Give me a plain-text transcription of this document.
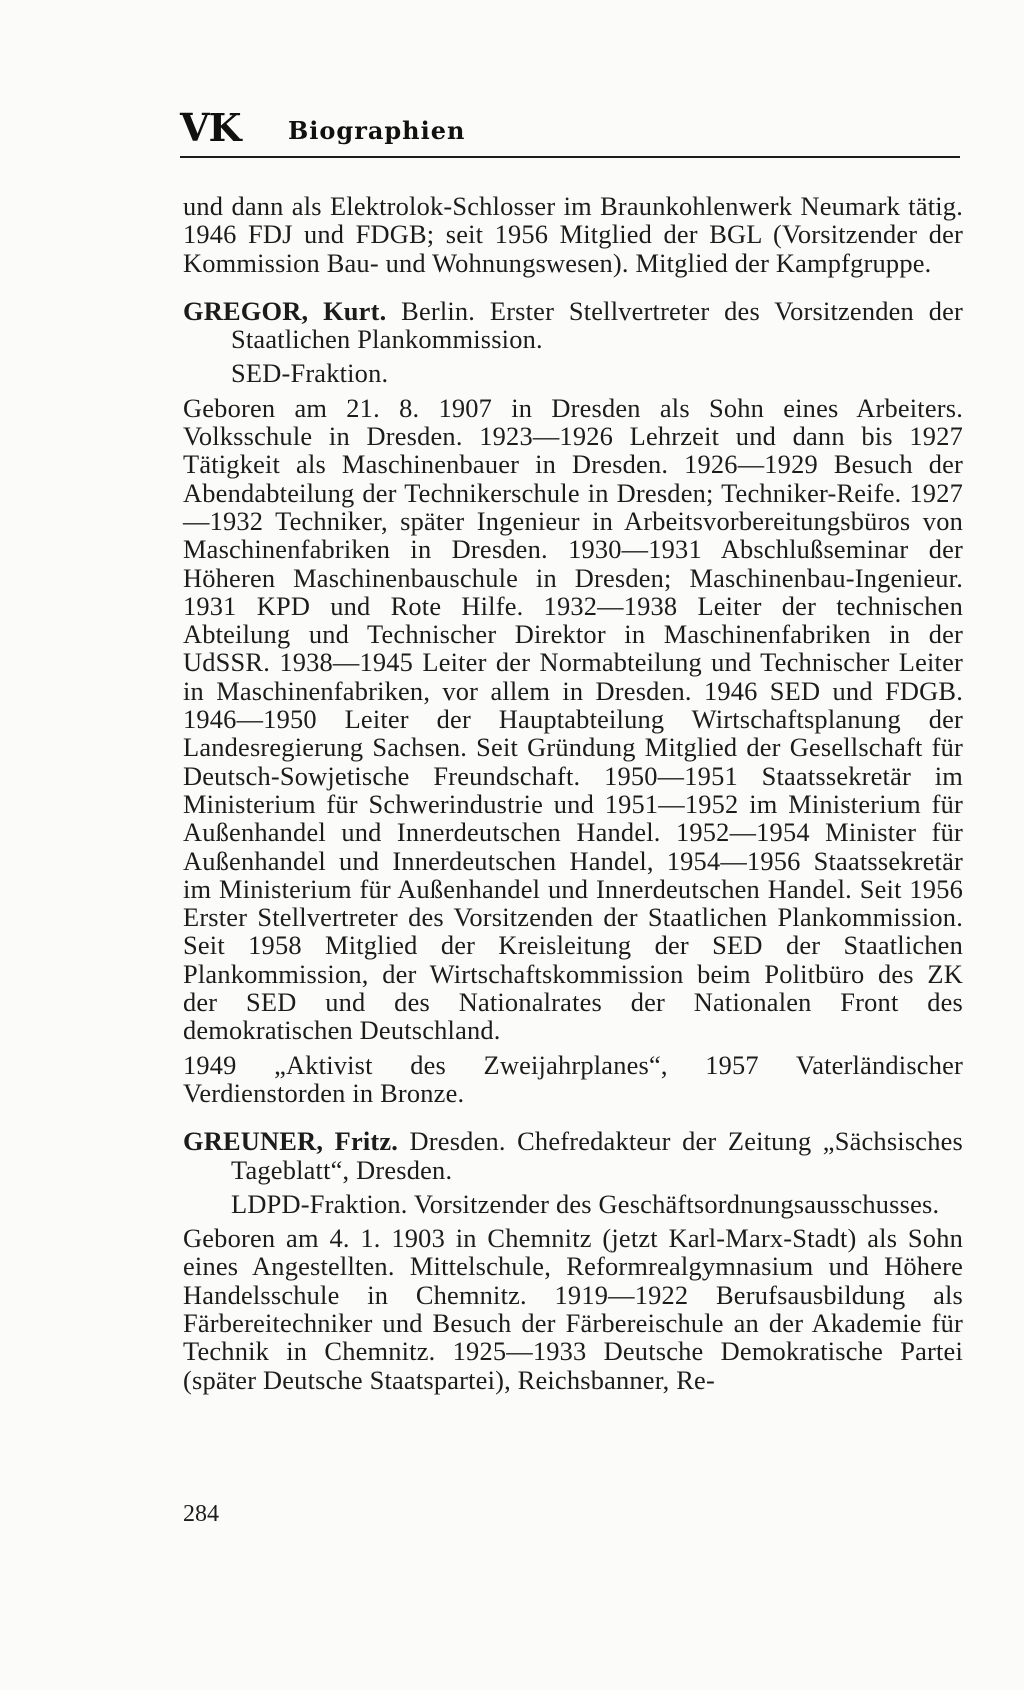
VK Biographien

und dann als Elektrolok-Schlosser im Braunkohlenwerk Neumark tätig. 1946 FDJ und FDGB; seit 1956 Mitglied der BGL (Vorsitzender der Kommission Bau- und Wohnungswesen). Mitglied der Kampfgruppe.

GREGOR, Kurt. Berlin. Erster Stellvertreter des Vorsitzenden der Staatlichen Plankommission.

SED-Fraktion.

Geboren am 21. 8. 1907 in Dresden als Sohn eines Arbeiters. Volksschule in Dresden. 1923—1926 Lehrzeit und dann bis 1927 Tätigkeit als Maschinenbauer in Dresden. 1926—1929 Besuch der Abendabteilung der Technikerschule in Dresden; Techniker-Reife. 1927—1932 Techniker, später Ingenieur in Arbeitsvorbereitungsbüros von Maschinenfabriken in Dresden. 1930—1931 Abschlußseminar der Höheren Maschinenbauschule in Dresden; Maschinenbau-Ingenieur. 1931 KPD und Rote Hilfe. 1932—1938 Leiter der technischen Abteilung und Technischer Direktor in Maschinenfabriken in der UdSSR. 1938—1945 Leiter der Normabteilung und Technischer Leiter in Maschinenfabriken, vor allem in Dresden. 1946 SED und FDGB. 1946—1950 Leiter der Hauptabteilung Wirtschaftsplanung der Landesregierung Sachsen. Seit Gründung Mitglied der Gesellschaft für Deutsch-Sowjetische Freundschaft. 1950—1951 Staatssekretär im Ministerium für Schwerindustrie und 1951—1952 im Ministerium für Außenhandel und Innerdeutschen Handel. 1952—1954 Minister für Außenhandel und Innerdeutschen Handel, 1954—1956 Staatssekretär im Ministerium für Außenhandel und Innerdeutschen Handel. Seit 1956 Erster Stellvertreter des Vorsitzenden der Staatlichen Plankommission. Seit 1958 Mitglied der Kreisleitung der SED der Staatlichen Plankommission, der Wirtschaftskommission beim Politbüro des ZK der SED und des Nationalrates der Nationalen Front des demokratischen Deutschland.

1949 „Aktivist des Zweijahrplanes“, 1957 Vaterländischer Verdienstorden in Bronze.

GREUNER, Fritz. Dresden. Chefredakteur der Zeitung „Sächsisches Tageblatt“, Dresden.

LDPD-Fraktion. Vorsitzender des Geschäftsordnungsausschusses.

Geboren am 4. 1. 1903 in Chemnitz (jetzt Karl-Marx-Stadt) als Sohn eines Angestellten. Mittelschule, Reformrealgymnasium und Höhere Handelsschule in Chemnitz. 1919—1922 Berufsausbildung als Färbereitechniker und Besuch der Färbereischule an der Akademie für Technik in Chemnitz. 1925—1933 Deutsche Demokratische Partei (später Deutsche Staatspartei), Reichsbanner, Re-

284
